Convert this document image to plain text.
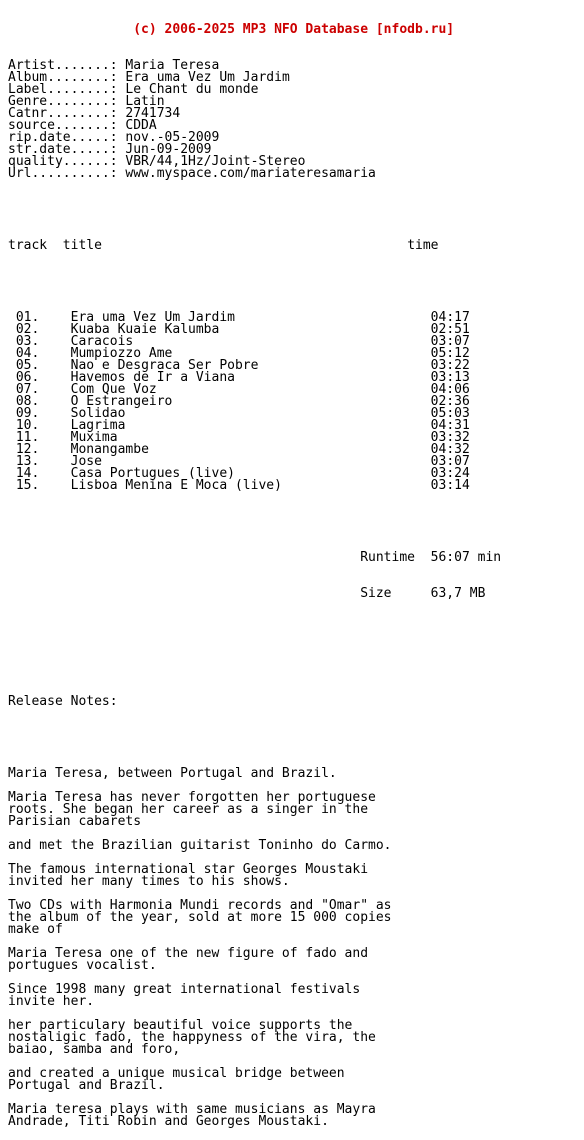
(c) 2006-2025 MP3 NFO Database [nfodb.ru]

Artist.......: Maria Teresa
Album........: Era uma Vez Um Jardim
Label........: Le Chant du monde
Genre........: Latin
Catnr........: 2741734
source.......: CDDA
rip.date.....: nov.-05-2009
str.date.....: Jun-09-2009
quality......: VBR/44,1Hz/Joint-Stereo
Url..........: www.myspace.com/mariateresamaria

track title	time

01. Era uma Vez Um Jardim	04:17
02. Kuaba Kuaie Kalumba	02:51
03. Caracois	03:07
04. Mumpiozzo Ame	05:12
05. Nao e Desgraca Ser Pobre	03:22
06. Havemos de Ir a Viana	03:13
07. Com Que Voz	04:06
08. O Estrangeiro	02:36
09. Solidao	05:03
10. Lagrima	04:31
11. Muxima	03:32
12. Monangambe	04:32
13. Jose	03:07
14. Casa Portugues (live)	03:24
15. Lisboa Menina E Moca (live)	03:14

Runtime 56:07 min

Size	63,7 MB

Release Notes:

Maria Teresa, between Portugal and Brazil.

Maria Teresa has never forgotten her portuguese
roots. She began her career as a singer in the
Parisian cabarets

and met the Brazilian guitarist Toninho do Carmo.

The famous international star Georges Moustaki
invited her many times to his shows.

Two CDs with Harmonia Mundi records and "Omar" as
the album of the year, sold at more 15 000 copies
make of

Maria Teresa one of the new figure of fado and
portugues vocalist.

Since 1998 many great international festivals
invite her.

her particulary beautiful voice supports the
nostaligic fado, the happyness of the vira, the
baiao, samba and foro,

and created a unique musical bridge between
Portugal and Brazil.

Maria teresa plays with same musicians as Mayra
Andrade, Titi Robin and Georges Moustaki.
